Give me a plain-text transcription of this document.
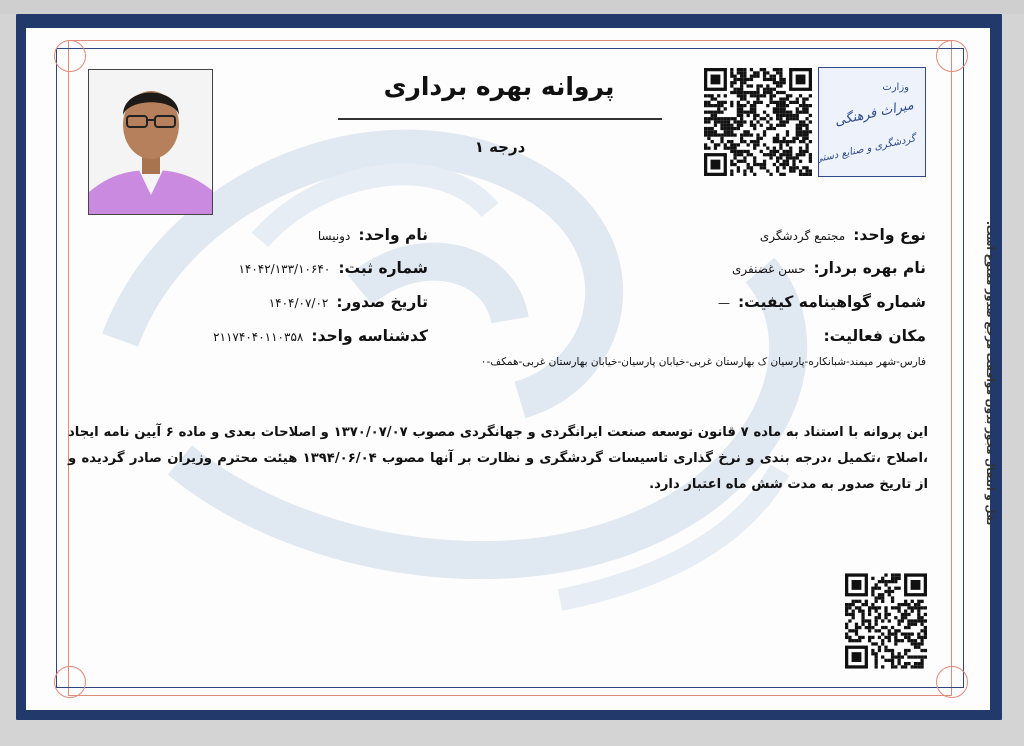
نقل و انتقال مجوز بدون موافقت مرجع صدور ممنوع است.
پروانه بهره برداری
درجه ۱
وزارت
میراث فرهنگی
گردشگری و صنایع دستی
نام واحد:دونیسا
شماره ثبت:۱۴۰۴۲/۱۳۳/۱۰۶۴۰
تاریخ صدور:۱۴۰۴/۰۷/۰۲
کدشناسه واحد:۲۱۱۷۴۰۴۰۱۱۰۳۵۸
نوع واحد:مجتمع گردشگری
نام بهره بردار:حسن غضنفری
شماره گواهینامه کیفیت:—
مکان فعالیت:
فارس-شهر میمند-شبانکاره-پارسیان ک بهارستان غربی-خیابان پارسیان-خیابان بهارستان غربی-همکف-۰
این پروانه با استناد به ماده ۷ قانون توسعه صنعت ایرانگردی و جهانگردی مصوب ۱۳۷۰/۰۷/۰۷ و اصلاحات بعدی و ماده ۶ آیین نامه ایجاد ،اصلاح ،تکمیل ،درجه بندی و نرخ گذاری تاسیسات گردشگری و نظارت بر آنها مصوب ۱۳۹۴/۰۶/۰۴ هیئت محترم وزیران صادر گردیده و از تاریخ صدور به مدت شش ماه اعتبار دارد.
